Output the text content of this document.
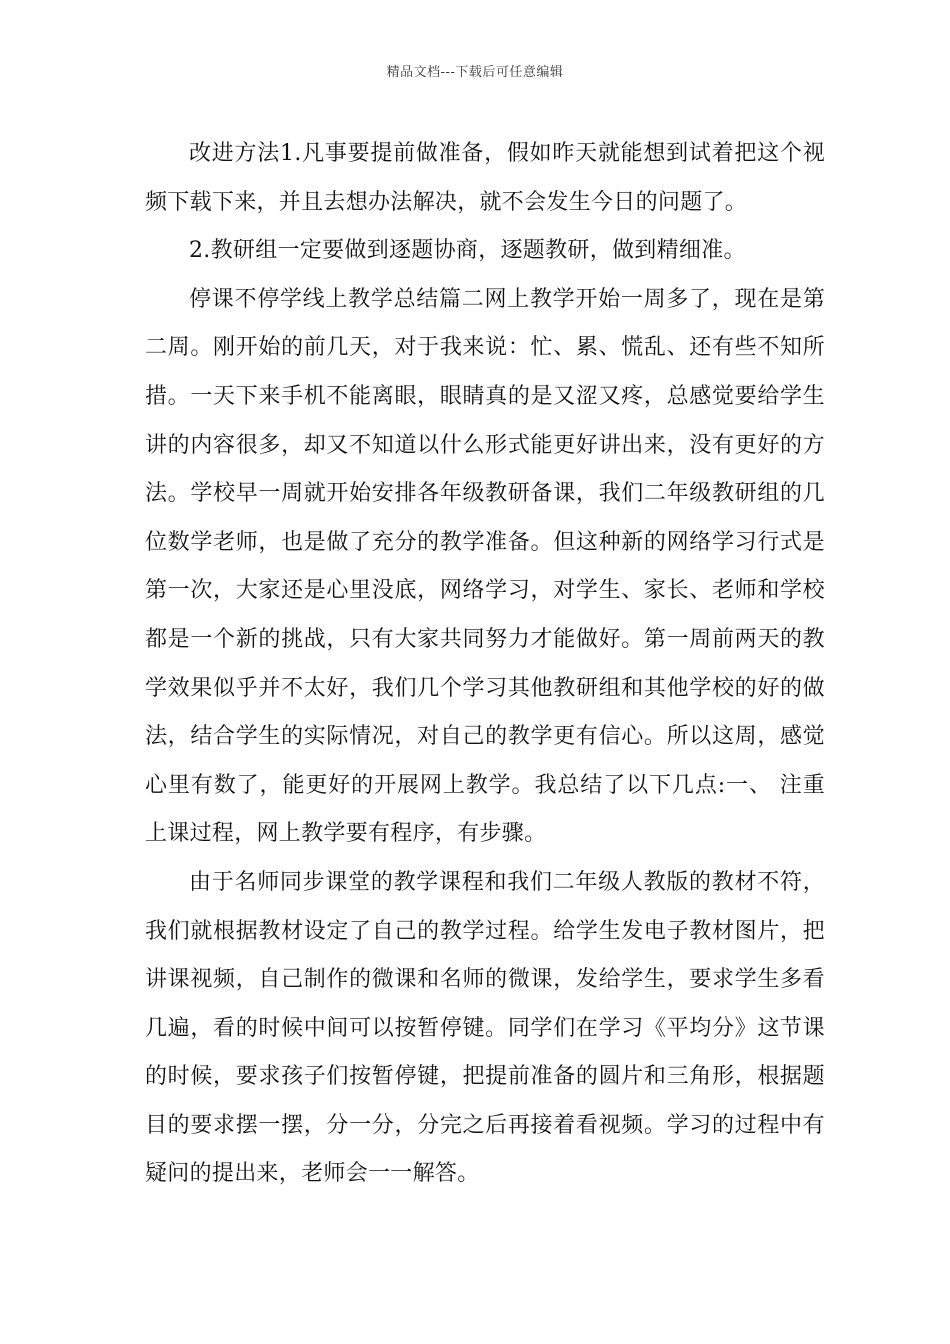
精品文档---下载后可任意编辑

改进方法1.凡事要提前做准备，假如昨天就能想到试着把这个视频下载下来，并且去想办法解决，就不会发生今日的问题了。

2.教研组一定要做到逐题协商，逐题教研，做到精细准。

停课不停学线上教学总结篇二网上教学开始一周多了，现在是第二周。刚开始的前几天，对于我来说：忙、累、慌乱、还有些不知所措。一天下来手机不能离眼，眼睛真的是又涩又疼，总感觉要给学生讲的内容很多，却又不知道以什么形式能更好讲出来，没有更好的方法。学校早一周就开始安排各年级教研备课，我们二年级教研组的几位数学老师，也是做了充分的教学准备。但这种新的网络学习行式是第一次，大家还是心里没底，网络学习，对学生、家长、老师和学校都是一个新的挑战，只有大家共同努力才能做好。第一周前两天的教学效果似乎并不太好，我们几个学习其他教研组和其他学校的好的做法，结合学生的实际情况，对自己的教学更有信心。所以这周，感觉心里有数了，能更好的开展网上教学。我总结了以下几点:一、 注重上课过程，网上教学要有程序，有步骤。

由于名师同步课堂的教学课程和我们二年级人教版的教材不符，我们就根据教材设定了自己的教学过程。给学生发电子教材图片，把讲课视频，自己制作的微课和名师的微课，发给学生，要求学生多看几遍，看的时候中间可以按暂停键。同学们在学习《平均分》这节课的时候，要求孩子们按暂停键，把提前准备的圆片和三角形，根据题目的要求摆一摆，分一分，分完之后再接着看视频。学习的过程中有疑问的提出来，老师会一一解答。
